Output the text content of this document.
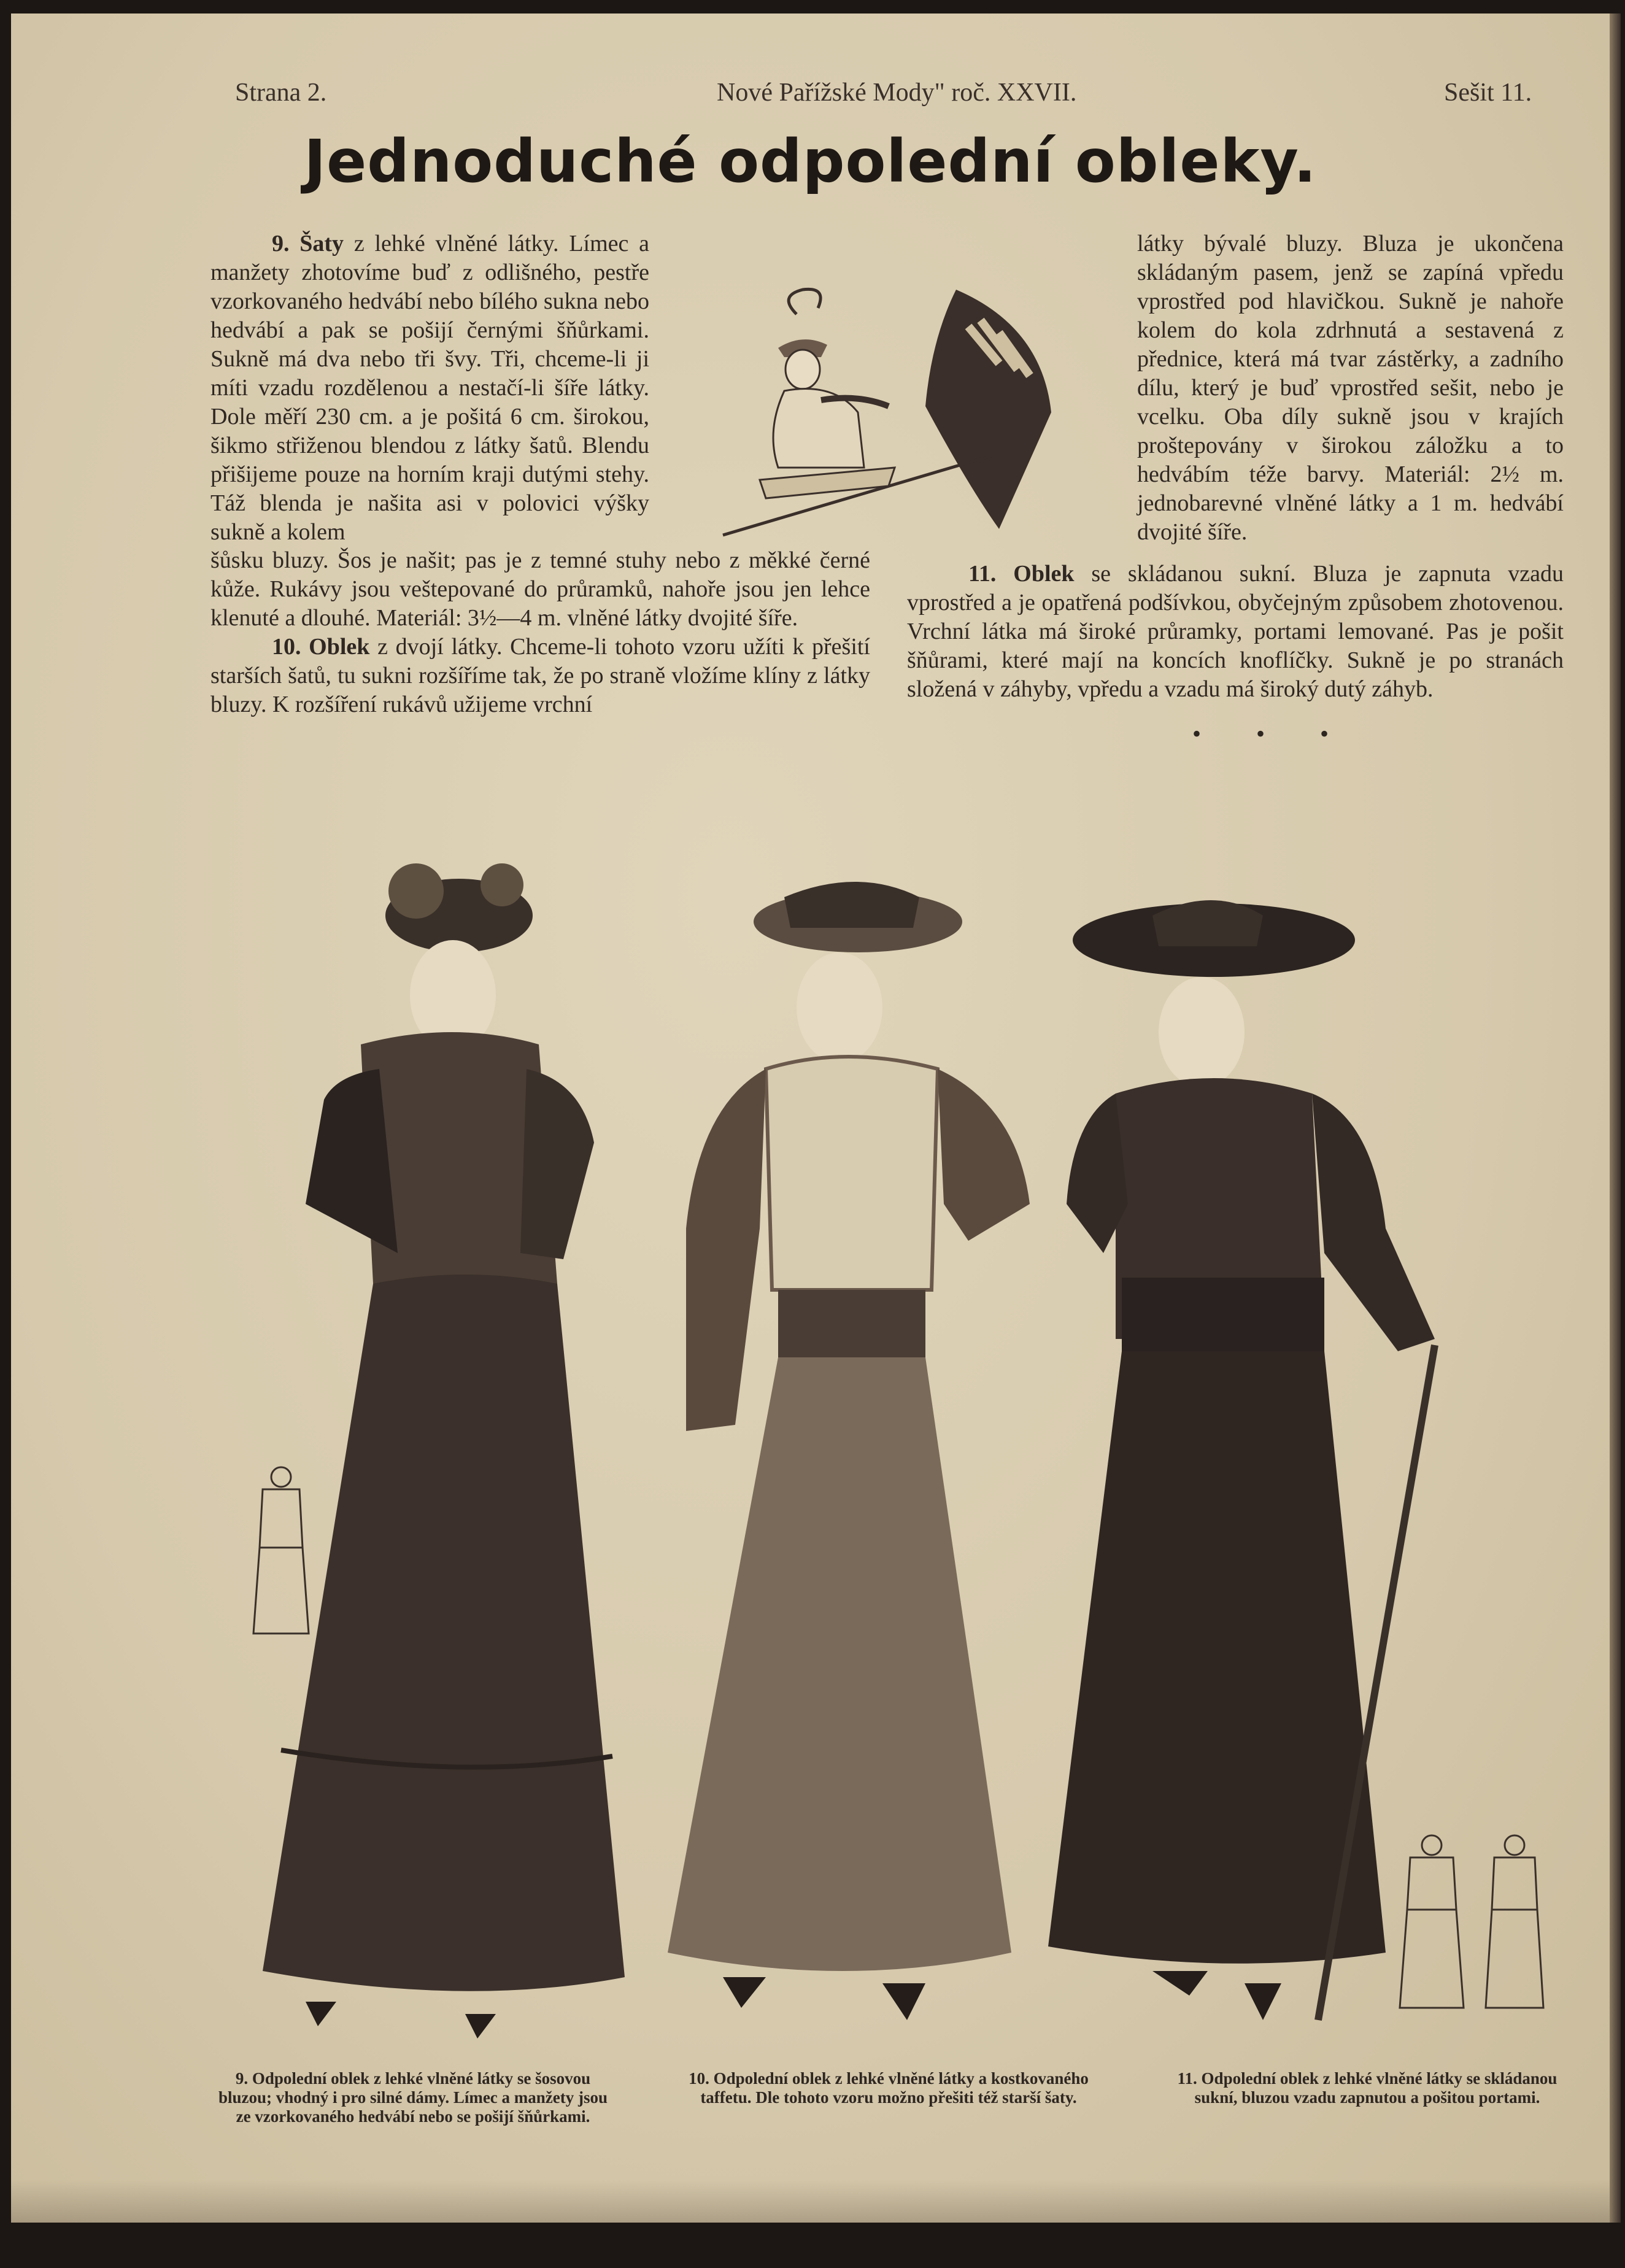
Strana 2.	Nové Pařížské Mody" roč. XXVII.	Sešit 11.
Jednoduché odpolední obleky.

9. Šaty z lehké vlněné látky. Límec a manžety zhotovíme buď z odlišného, pestře vzorkovaného hedvábí nebo bílého sukna nebo hedvábí a pak se pošijí černými šňůrkami. Sukně má dva nebo tři švy. Tři, chceme-li ji míti vzadu rozdělenou a nestačí-li šíře látky. Dole měří 230 cm. a je pošitá 6 cm. širokou, šikmo střiženou blendou z látky šatů. Blendu přišijeme pouze na horním kraji dutými stehy. Táž blenda je našita asi v polovici výšky sukně a kolem

šůsku bluzy. Šos je našit; pas je z temné stuhy nebo z měkké černé kůže. Rukávy jsou veštepované do průramků, nahoře jsou jen lehce klenuté a dlouhé. Materiál: 3½—4 m. vlněné látky dvojité šíře.

10. Oblek z dvojí látky. Chceme-li tohoto vzoru užíti k přešití starších šatů, tu sukni rozšíříme tak, že po straně vložíme klíny z látky bluzy. K rozšíření rukávů užijeme vrchní

látky bývalé bluzy. Bluza je ukončena skládaným pasem, jenž se zapíná vpředu vprostřed pod hlavičkou. Sukně je nahoře kolem do kola zdrhnutá a sestavená z přednice, která má tvar zástěrky, a zadního dílu, který je buď vprostřed sešit, nebo je vcelku. Oba díly sukně jsou v krajích proštepovány v širokou záložku a to hedvábím téže barvy. Materiál: 2½ m. jednobarevné vlněné látky a 1 m. hedvábí dvojité šíře.

11. Oblek se skládanou sukní. Bluza je zapnuta vzadu vprostřed a je opatřená podšívkou, obyčejným způsobem zhotovenou. Vrchní látka má široké průramky, portami lemované. Pas je pošit šňůrami, které mají na koncích knoflíčky. Sukně je po stranách složená v záhyby, vpředu a vzadu má široký dutý záhyb.

• • •
9. Odpolední oblek z lehké vlněné látky se šosovou bluzou; vhodný i pro silné dámy. Límec a manžety jsou ze vzorkovaného hedvábí nebo se pošijí šňůrkami.
10. Odpolední oblek z lehké vlněné látky a kostkovaného taffetu. Dle tohoto vzoru možno přešiti též starší šaty.
11. Odpolední oblek z lehké vlněné látky se skládanou sukní, bluzou vzadu zapnutou a pošitou portami.
